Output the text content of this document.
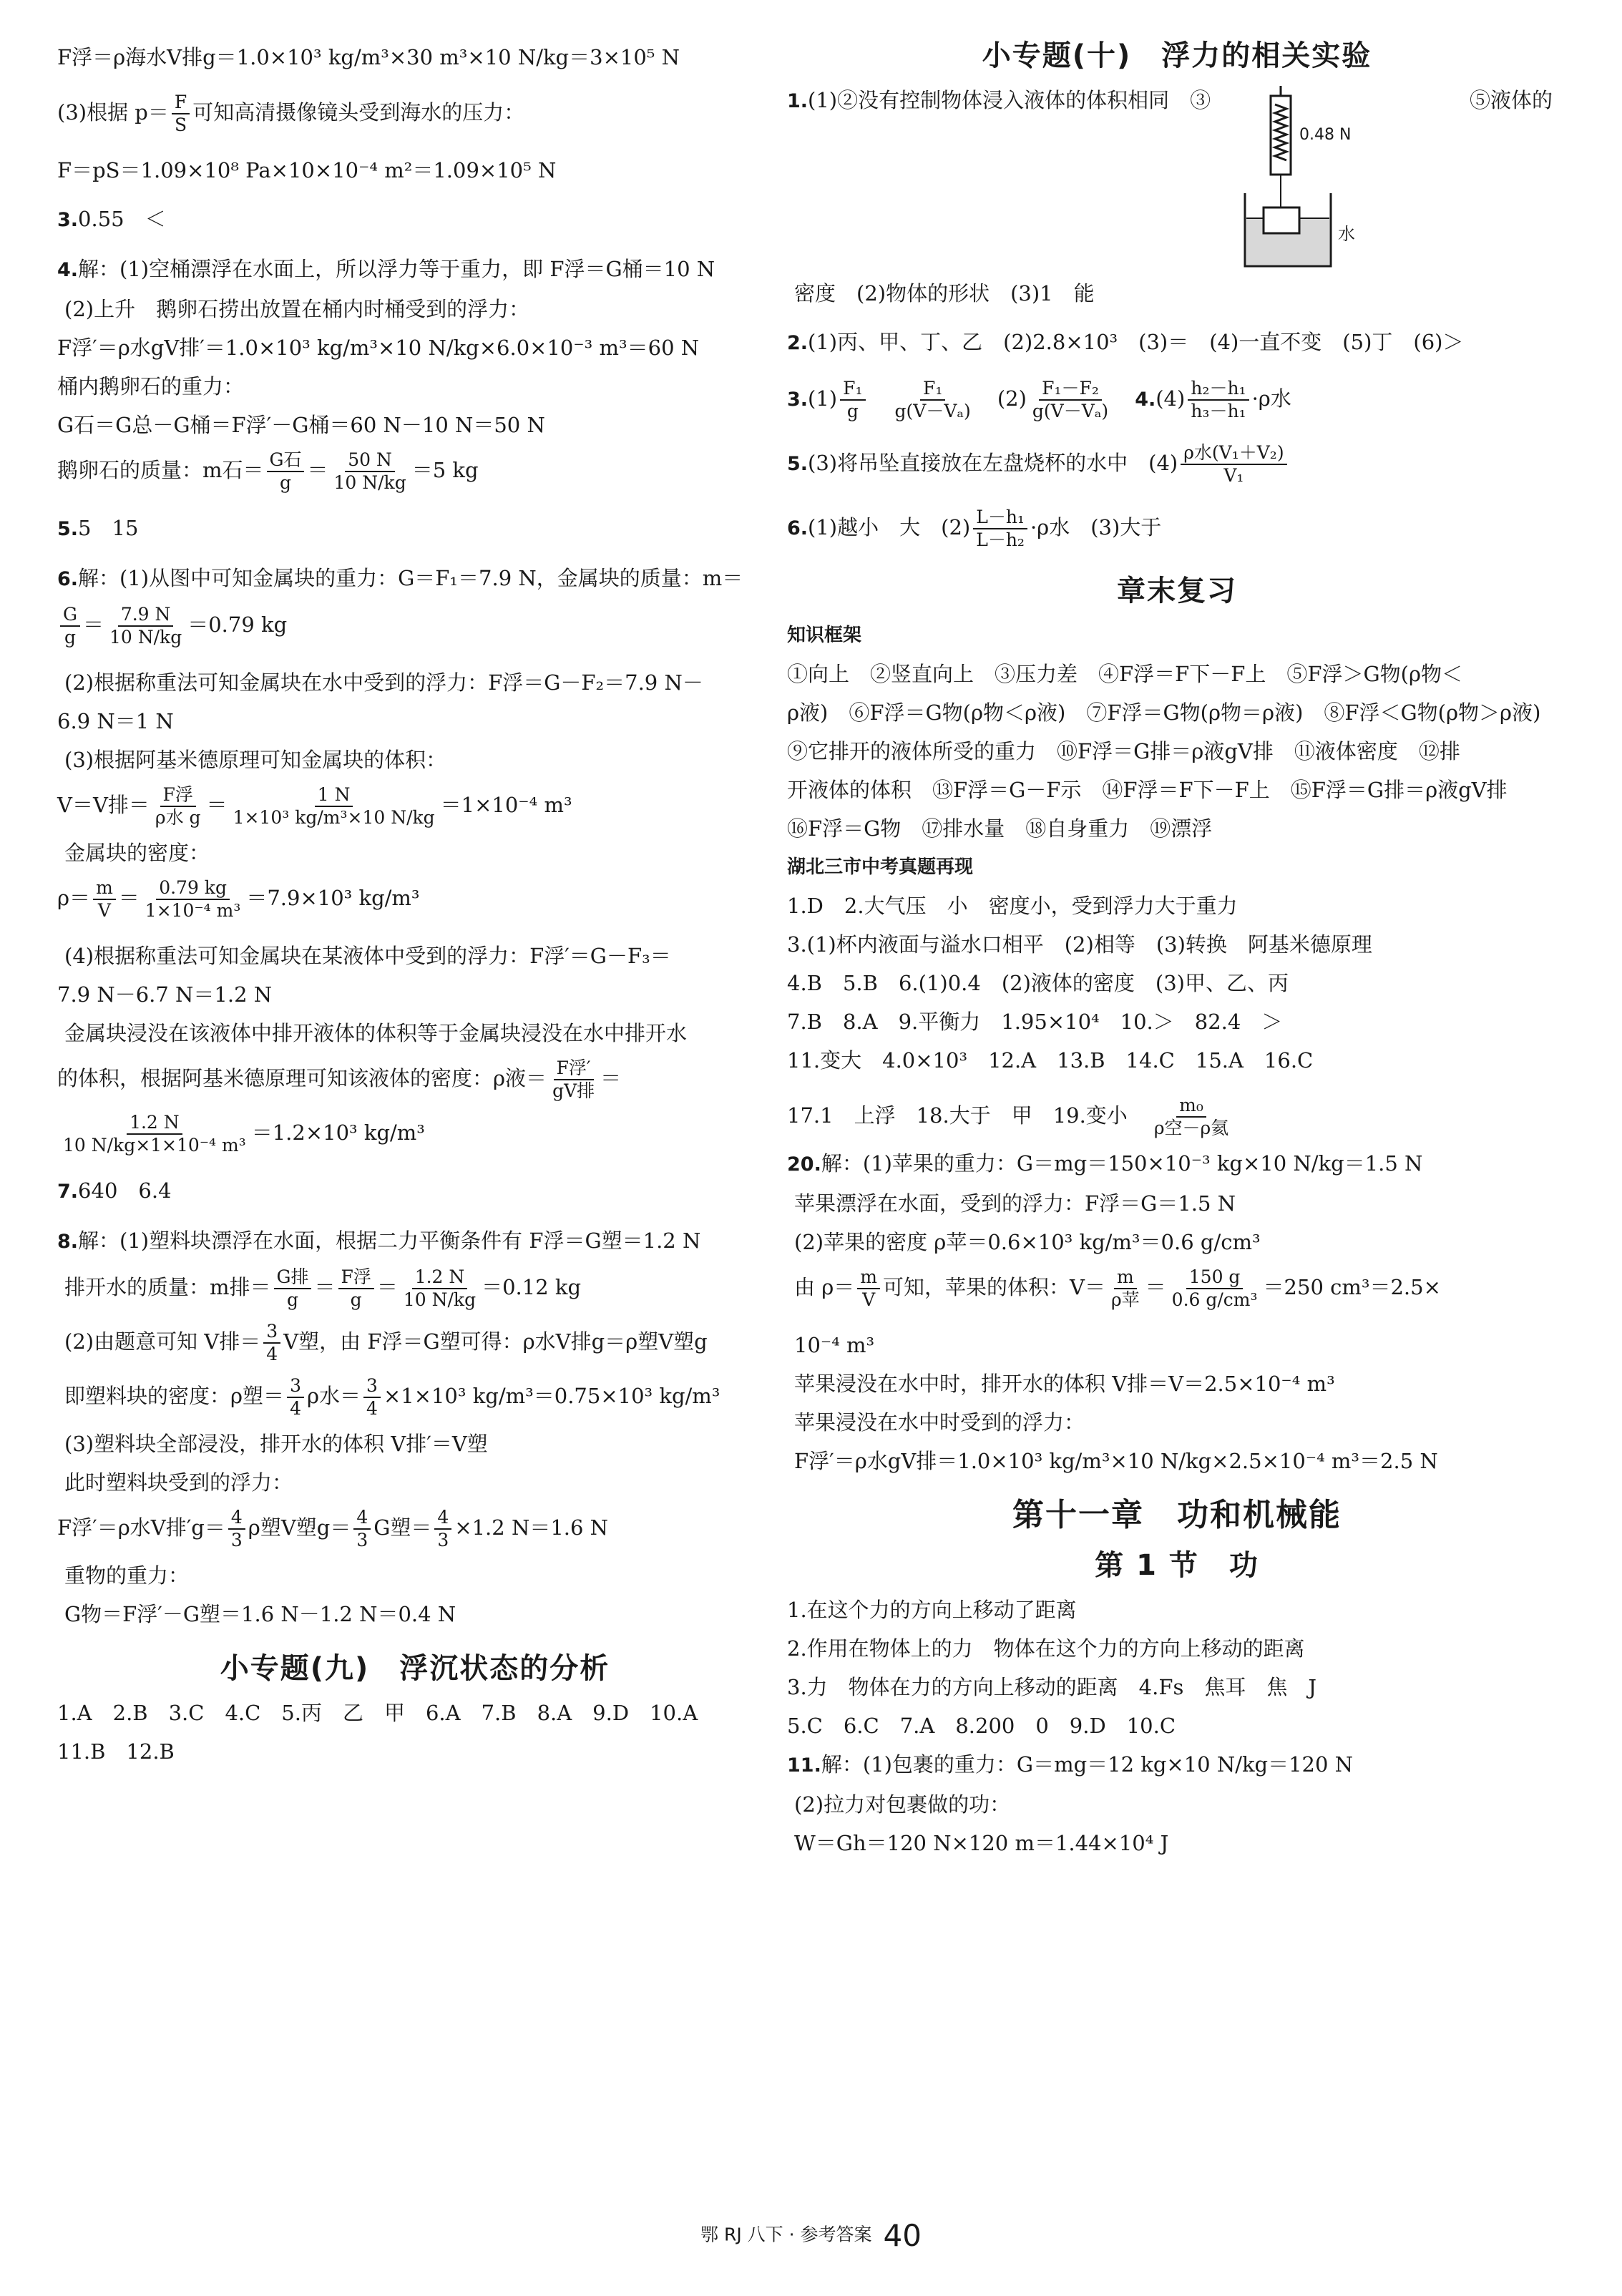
F浮＝ρ海水V排g＝1.0×10³ kg/m³×30 m³×10 N/kg＝3×10⁵ N
(3)根据 $p= \frac{F}{S}$ 可知高清摄像镜头受到海水的压力：
F＝pS＝1.09×10⁸ Pa×10×10⁻⁴ m²＝1.09×10⁵ N
3.0.55　＜
4.解：(1)空桶漂浮在水面上，所以浮力等于重力，即 F浮＝G桶＝10 N
(2)上升　鹅卵石捞出放置在桶内时桶受到的浮力：
F浮′＝ρ水gV排′＝1.0×10³ kg/m³×10 N/kg×6.0×10⁻³ m³＝60 N
桶内鹅卵石的重力：
G石＝G总－G桶＝F浮′－G桶＝60 N－10 N＝50 N
鹅卵石的质量：m石＝ $\frac{\text{G石}}{g} = \frac{50 N}{10 N/kg} =5$ kg
5.5　15
6.解：(1)从图中可知金属块的重力：G＝F₁＝7.9 N，金属块的质量：m＝
$\frac{G}{g} = \frac{7.9 N}{10 N/kg} =0.79$ kg
(2)根据称重法可知金属块在水中受到的浮力：F浮＝G－F₂＝7.9 N－
6.9 N＝1 N
(3)根据阿基米德原理可知金属块的体积：
V＝V排＝ $\frac{\text{F浮}}{\text{ρ水 g}} = \frac{1 N}{\text{1×10³ kg/m³×10 N/kg}} =1\times 10^{-4}$ m³
金属块的密度：
$\rho= \frac{m}{V} = \frac{0.79 kg}{\text{1×10⁻⁴ m³}} =7.9\times 10^3$ kg/m³
(4)根据称重法可知金属块在某液体中受到的浮力：F浮′＝G－F₃＝
7.9 N－6.7 N＝1.2 N
金属块浸没在该液体中排开液体的体积等于金属块浸没在水中排开水
的体积，根据阿基米德原理可知该液体的密度：ρ液＝ $\frac{\text{F浮′}}{\text{gV排}}$ ＝
$\frac{1.2 N}{\text{10 N/kg×1×10⁻⁴ m³}} =1.2\times 10^3$ kg/m³
7.640　6.4
8.解：(1)塑料块漂浮在水面，根据二力平衡条件有 F浮＝G塑＝1.2 N
排开水的质量：m排＝ $\frac{\text{G排}}{g} = \frac{\text{F浮}}{g} = \frac{1.2 N}{10 N/kg} =0.12$ kg
(2)由题意可知 V排＝ $\frac{3}{4}$ V塑，由 F浮＝G塑可得：ρ水V排g＝ρ塑V塑g
即塑料块的密度：ρ塑＝ $\frac{3}{4}$ ρ水＝ $\frac{3}{4} \times 1\times 10^3$ kg/m³＝0.75×10³ kg/m³
(3)塑料块全部浸没，排开水的体积 V排′＝V塑
此时塑料块受到的浮力：
F浮′＝ρ水V排$'g= \frac{4}{3}$ ρ塑V塑$g= \frac{4}{3}$ G塑＝ $\frac{4}{3} \times 1.2$ N＝1.6 N
重物的重力：
G物＝F浮′－G塑＝1.6 N－1.2 N＝0.4 N
小专题(九)　浮沉状态的分析
1.A　2.B　3.C　4.C　5.丙　乙　甲　6.A　7.B　8.A　9.D　10.A
11.B　12.B
小专题(十)　浮力的相关实验
1.(1)②没有控制物体浸入液体的体积相同　③	⑤液体的
0.48 N
水
密度　(2)物体的形状　(3)1　能
2.(1)丙、甲、丁、乙　(2)2.8×10³　(3)＝　(4)一直不变　(5)丁　(6)＞
$3.(1) \frac{\text{F₁}}{g}$
　 $\frac{\text{F₁}}{\text{g(V－Vₐ)}}$
　 $(2) \frac{\text{F₁－F₂}}{\text{g(V－Vₐ)}}$
　 $4.(4) \frac{\text{h₂－h₁}}{\text{h₃－h₁}} \cdot\rho$水
5.(3)将吊坠直接放在左盘烧杯的水中　$(4) \frac{\text{ρ水(V₁＋V₂)}}{\text{V₁}}$
6.(1)越小　大　$(2) \frac{\text{L－h₁}}{\text{L－h₂}} \cdot\rho$水　(3)大于
章末复习
知识框架
①向上　②竖直向上　③压力差　④F浮＝F下－F上　⑤F浮＞G物(ρ物＜
ρ液)　⑥F浮＝G物(ρ物＜ρ液)　⑦F浮＝G物(ρ物＝ρ液)　⑧F浮＜G物(ρ物＞ρ液)
⑨它排开的液体所受的重力　⑩F浮＝G排＝ρ液gV排　⑪液体密度　⑫排
开液体的体积　⑬F浮＝G－F示　⑭F浮＝F下－F上　⑮F浮＝G排＝ρ液gV排
⑯F浮＝G物　⑰排水量　⑱自身重力　⑲漂浮
湖北三市中考真题再现
1.D　2.大气压　小　密度小，受到浮力大于重力
3.(1)杯内液面与溢水口相平　(2)相等　(3)转换　阿基米德原理
4.B　5.B　6.(1)0.4　(2)液体的密度　(3)甲、乙、丙
7.B　8.A　9.平衡力　1.95×10⁴　10.＞　82.4　＞
11.变大　4.0×10³　12.A　13.B　14.C　15.A　16.C
17.1　上浮　18.大于　甲　19.变小　 $\frac{\text{m₀}}{\text{ρ空－ρ氦}}$
20.解：(1)苹果的重力：G＝mg＝150×10⁻³ kg×10 N/kg＝1.5 N
苹果漂浮在水面，受到的浮力：F浮＝G＝1.5 N
(2)苹果的密度 ρ苹＝0.6×10³ kg/m³＝0.6 g/cm³
由 $\rho= \frac{m}{V}$ 可知，苹果的体积：$V= \frac{m}{\text{ρ苹}} = \frac{150 g}{\text{0.6 g/cm³}} =250$ cm³＝2.5×
10⁻⁴ m³
苹果浸没在水中时，排开水的体积 V排＝V＝2.5×10⁻⁴ m³
苹果浸没在水中时受到的浮力：
F浮′＝ρ水gV排＝1.0×10³ kg/m³×10 N/kg×2.5×10⁻⁴ m³＝2.5 N
第十一章　功和机械能
第 1 节　功
1.在这个力的方向上移动了距离
2.作用在物体上的力　物体在这个力的方向上移动的距离
3.力　物体在力的方向上移动的距离　4.Fs　焦耳　焦　J
5.C　6.C　7.A　8.200　0　9.D　10.C
11.解：(1)包裹的重力：G＝mg＝12 kg×10 N/kg＝120 N
(2)拉力对包裹做的功：
W＝Gh＝120 N×120 m＝1.44×10⁴ J
鄂 RJ 八下 · 参考答案 40
